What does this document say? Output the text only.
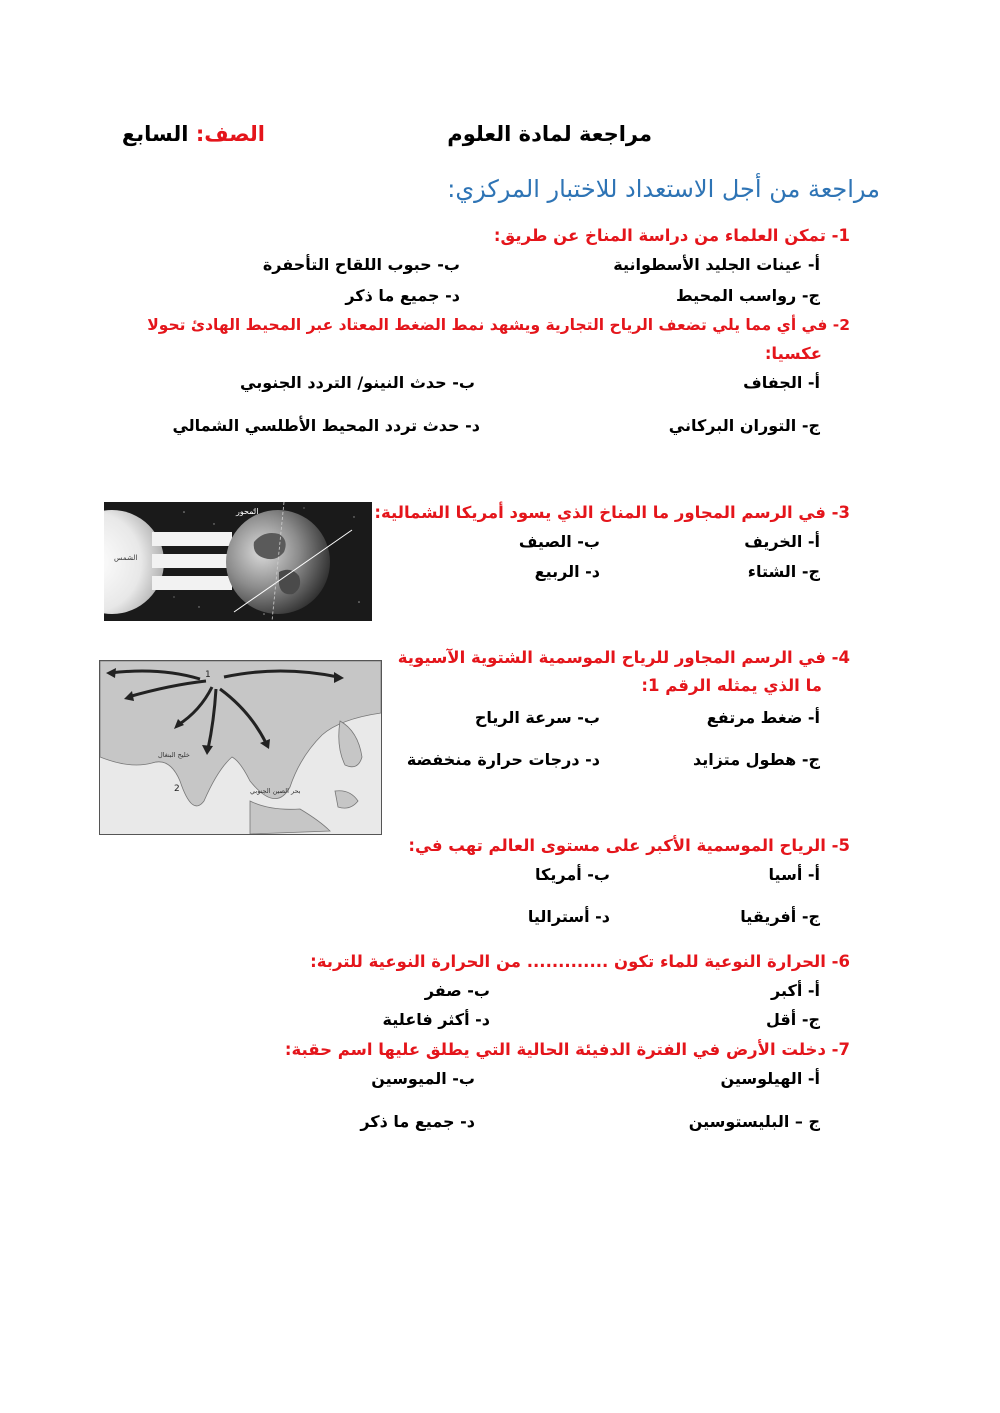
مراجعة لمادة العلوم
الصف: السابع
مراجعة من أجل الاستعداد للاختبار المركزي:
1- تمكن العلماء من دراسة المناخ عن طريق:
أ- عينات الجليد الأسطوانية
ب- حبوب اللقاح التأحفرة
ج- رواسب المحيط
د- جميع ما ذكر
2- في أي مما يلي تضعف الرياح التجارية ويشهد نمط الضغط المعتاد عبر المحيط الهادئ تحولا
عكسيا:
أ- الجفاف
ب- حدث النينو/ التردد الجنوبي
ج- التوران البركاني
د- حدث تردد المحيط الأطلسي الشمالي
المحور
الشمس
3- في الرسم المجاور ما المناخ الذي يسود أمريكا الشمالية:
أ- الخريف
ب- الصيف
ج- الشتاء
د- الربيع
1
2
خليج البنغال
بحر الصين الجنوبي
4- في الرسم المجاور للرياح الموسمية الشتوية الآسيوية
ما الذي يمثله الرقم 1:
أ- ضغط مرتفع
ب- سرعة الرياح
ج- هطول متزايد
د- درجات حرارة منخفضة
5- الرياح الموسمية الأكبر على مستوى العالم تهب في:
أ- أسيا
ب- أمريكا
ج- أفريقيا
د- أستراليا
6- الحرارة النوعية للماء تكون ............. من الحرارة النوعية للتربة:
أ- أكبر
ب- صفر
ج- أقل
د- أكثر فاعلية
7- دخلت الأرض في الفترة الدفيئة الحالية التي يطلق عليها اسم حقبة:
أ- الهيلوسين
ب- الميوسين
ج – البليستوسين
د- جميع ما ذكر
